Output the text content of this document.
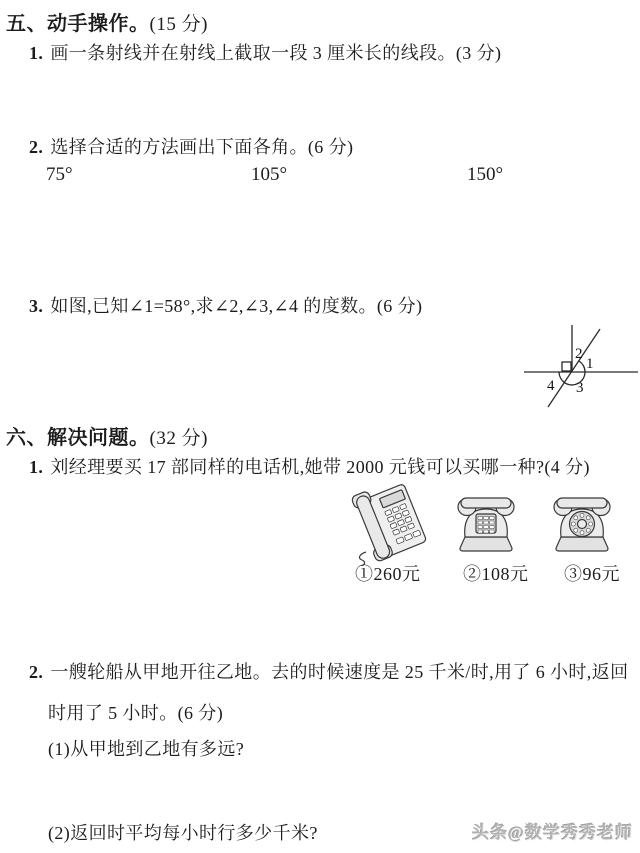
五、动手操作。(15 分)
1. 画一条射线并在射线上截取一段 3 厘米长的线段。(3 分)
2. 选择合适的方法画出下面各角。(6 分)
75°	105°	150°
3. 如图,已知∠1=58°,求∠2,∠3,∠4 的度数。(6 分)
2
1
4 3
六、解决问题。(32 分)
1. 刘经理要买 17 部同样的电话机,她带 2000 元钱可以买哪一种?(4 分)
①260元 ②108元 ③96元
2. 一艘轮船从甲地开往乙地。去的时候速度是 25 千米/时,用了 6 小时,返回
时用了 5 小时。(6 分)
(1)从甲地到乙地有多远?
(2)返回时平均每小时行多少千米?	头条@数学秀秀老师
